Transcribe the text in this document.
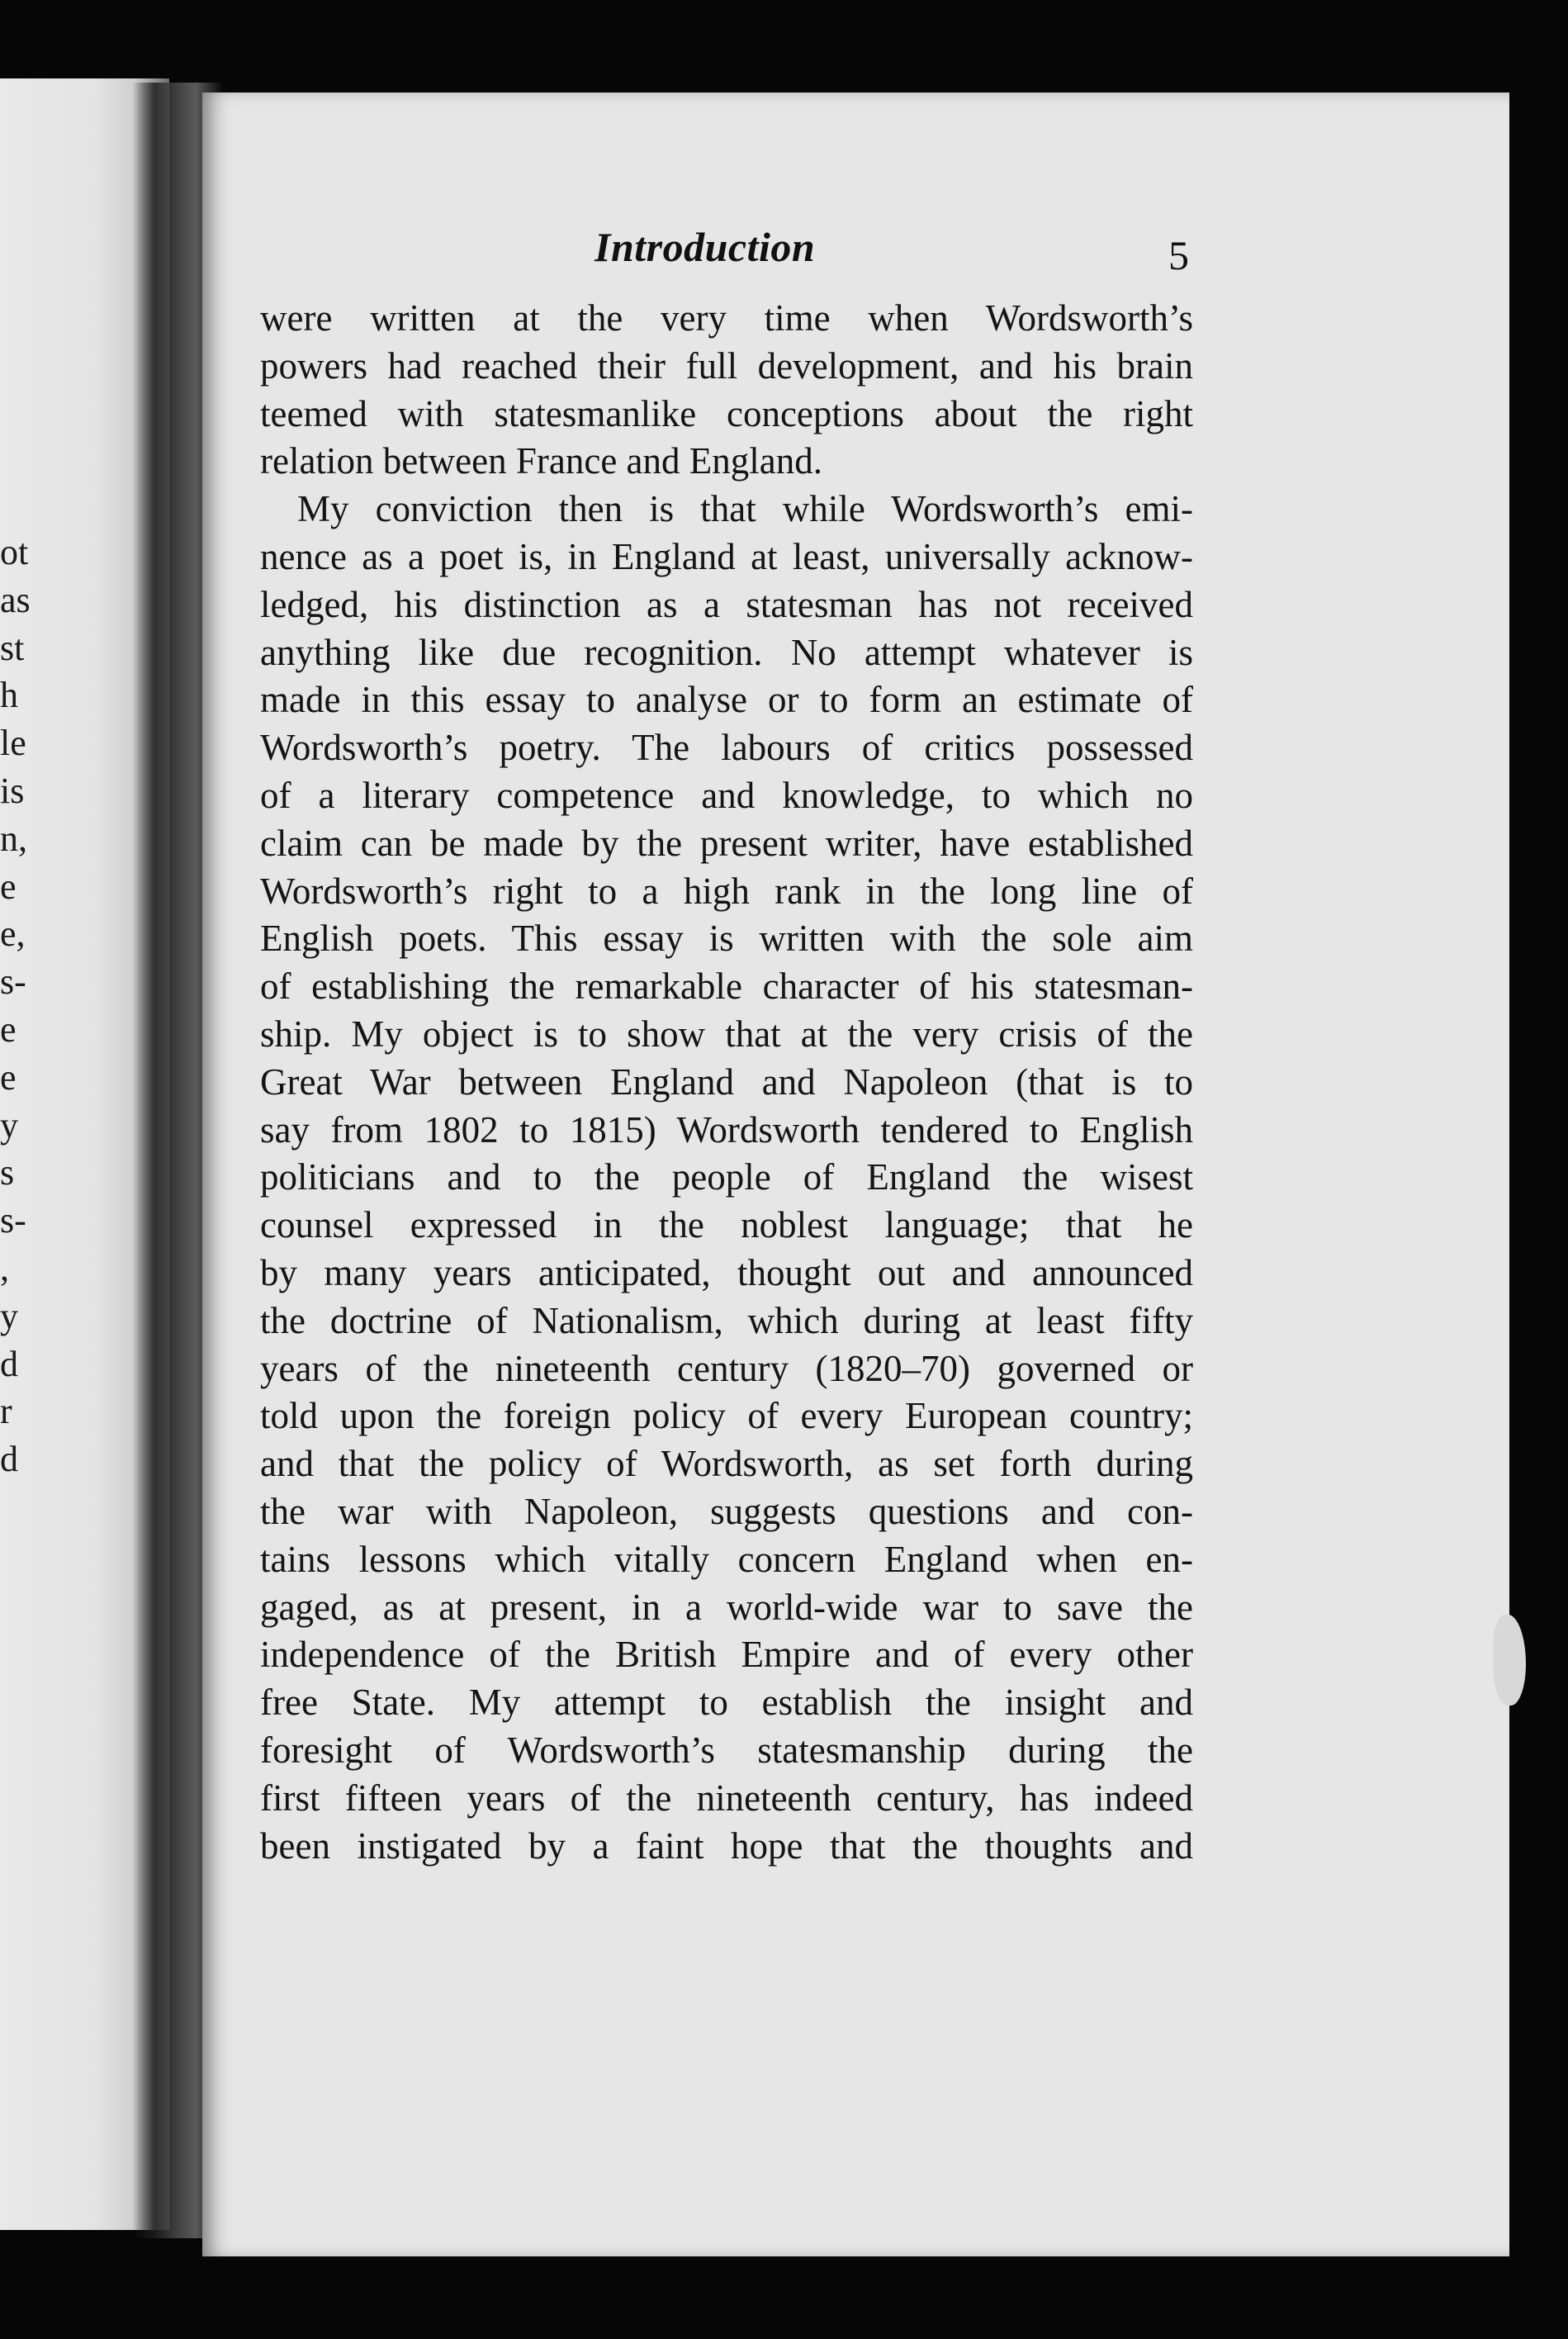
ot
as
st
h
le
is
n,
e
e,
s-
e
e
y
s
s-
,
y
d
r
d
Introduction	5
were written at the very time when Wordsworth’s
powers had reached their full development, and his brain
teemed with statesmanlike conceptions about the right
relation between France and England.
My conviction then is that while Wordsworth’s emi-
nence as a poet is, in England at least, universally acknow-
ledged, his distinction as a statesman has not received
anything like due recognition. No attempt whatever is
made in this essay to analyse or to form an estimate of
Wordsworth’s poetry. The labours of critics possessed
of a literary competence and knowledge, to which no
claim can be made by the present writer, have established
Wordsworth’s right to a high rank in the long line of
English poets. This essay is written with the sole aim
of establishing the remarkable character of his statesman-
ship. My object is to show that at the very crisis of the
Great War between England and Napoleon (that is to
say from 1802 to 1815) Wordsworth tendered to English
politicians and to the people of England the wisest
counsel expressed in the noblest language; that he
by many years anticipated, thought out and announced
the doctrine of Nationalism, which during at least fifty
years of the nineteenth century (1820–70) governed or
told upon the foreign policy of every European country;
and that the policy of Wordsworth, as set forth during
the war with Napoleon, suggests questions and con-
tains lessons which vitally concern England when en-
gaged, as at present, in a world-wide war to save the
independence of the British Empire and of every other
free State. My attempt to establish the insight and
foresight of Wordsworth’s statesmanship during the
first fifteen years of the nineteenth century, has indeed
been instigated by a faint hope that the thoughts and
